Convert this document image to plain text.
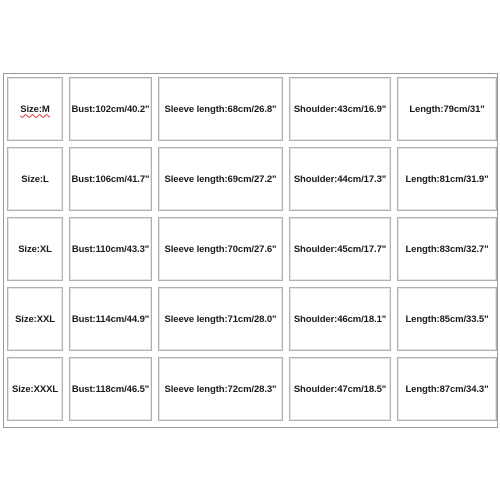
Size:M Bust:102cm/40.2" Sleeve length:68cm/26.8" Shoulder:43cm/16.9" Length:79cm/31"
Size:L Bust:106cm/41.7" Sleeve length:69cm/27.2" Shoulder:44cm/17.3" Length:81cm/31.9"
Size:XL Bust:110cm/43.3" Sleeve length:70cm/27.6" Shoulder:45cm/17.7" Length:83cm/32.7"
Size:XXL Bust:114cm/44.9" Sleeve length:71cm/28.0" Shoulder:46cm/18.1" Length:85cm/33.5"
Size:XXXL Bust:118cm/46.5" Sleeve length:72cm/28.3" Shoulder:47cm/18.5" Length:87cm/34.3"
